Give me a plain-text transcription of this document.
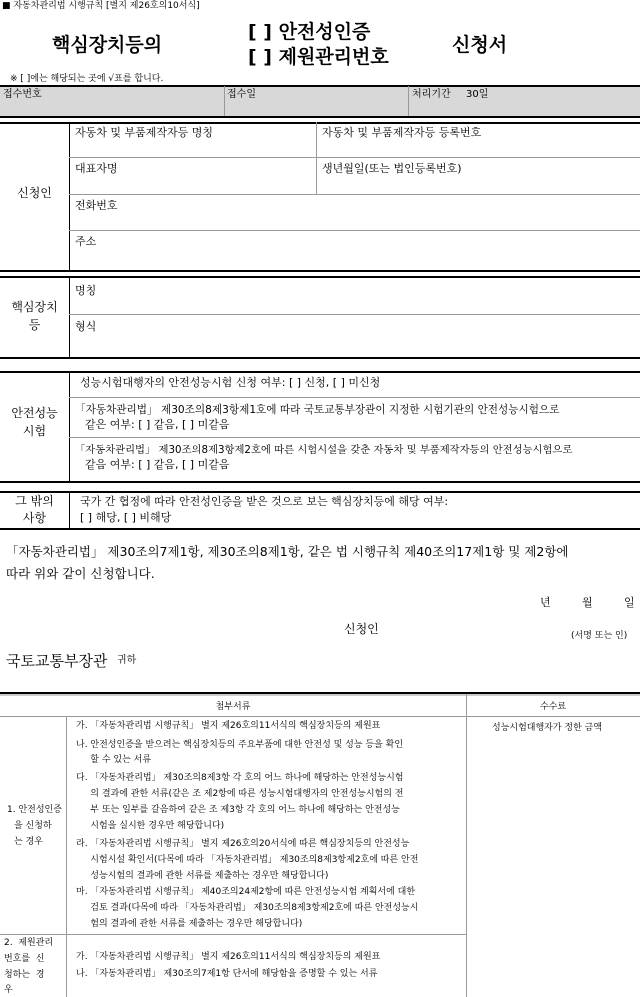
■ 자동차관리법 시행규칙 [별지 제26호의10서식]
핵심장치등의
[ ] 안전성인증
[ ] 제원관리번호
신청서
※ [ ]에는 해당되는 곳에 √표를 합니다.
접수번호	접수일	처리기간 30일
신청인
자동차 및 부품제작자등 명칭	자동차 및 부품제작자등 등록번호
대표자명	생년월일(또는 법인등록번호)
전화번호
주소
핵심장치
등
명칭
형식
안전성능
시험
성능시험대행자의 안전성능시험 신청 여부: [ ] 신청, [ ] 미신청
「자동차관리법」 제30조의8제3항제1호에 따라 국토교통부장관이 지정한 시험기관의 안전성능시험으로
같은 여부: [ ] 같음, [ ] 미같음
「자동차관리법」 제30조의8제3항제2호에 따른 시험시설을 갖춘 자동차 및 부품제작자등의 안전성능시험으로
같음 여부: [ ] 같음, [ ] 미같음
그 밖의
사항
국가 간 협정에 따라 안전성인증을 받은 것으로 보는 핵심장치등에 해당 여부:
[ ] 해당, [ ] 비해당
「자동차관리법」 제30조의7제1항, 제30조의8제1항, 같은 법 시행규칙 제40조의17제1항 및 제2항에
따라 위와 같이 신청합니다.
년	월	일
신청인	(서명 또는 인)
국토교통부장관 귀하
첨부서류	수수료
성능시험대행자가 정한 금액
1. 안전성인증
을 신청하
는 경우
가. 「자동차관리법 시행규칙」 별지 제26호의11서식의 핵심장치등의 제원표
나. 안전성인증을 받으려는 핵심장치등의 주요부품에 대한 안전성 및 성능 등을 확인
할 수 있는 서류
다. 「자동차관리법」 제30조의8제3항 각 호의 어느 하나에 해당하는 안전성능시험
의 결과에 관한 서류(같은 조 제2항에 따른 성능시험대행자의 안전성능시험의 전
부 또는 일부를 갈음하여 같은 조 제3항 각 호의 어느 하나에 해당하는 안전성능
시험을 실시한 경우만 해당합니다)
라. 「자동차관리법 시행규칙」 별지 제26호의20서식에 따른 핵심장치등의 안전성능
시험시설 확인서(다목에 따라 「자동차관리법」 제30조의8제3항제2호에 따른 안전
성능시험의 결과에 관한 서류를 제출하는 경우만 해당합니다)
마. 「자동차관리법 시행규칙」 제40조의24제2항에 따른 안전성능시험 계획서에 대한
검토 결과(다목에 따라 「자동차관리법」 제30조의8제3항제2호에 따른 안전성능시
험의 결과에 관한 서류를 제출하는 경우만 해당합니다)
2.  제원관리
번호를  신
청하는  경
우
가. 「자동차관리법 시행규칙」 별지 제26호의11서식의 핵심장치등의 제원표
나. 「자동차관리법」 제30조의7제1항 단서에 해당함을 증명할 수 있는 서류
